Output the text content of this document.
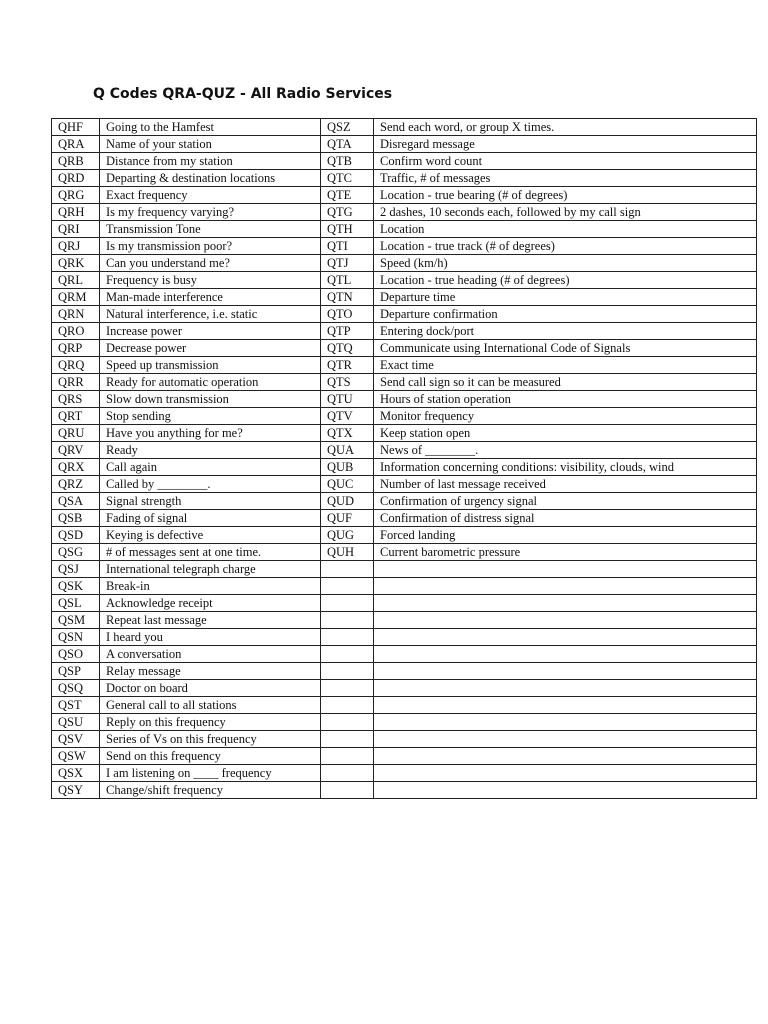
Q Codes QRA-QUZ - All Radio Services
QHF	Going to the Hamfest	QSZ	Send each word, or group X times.
QRA	Name of your station	QTA	Disregard message
QRB	Distance from my station	QTB	Confirm word count
QRD	Departing & destination locations	QTC	Traffic, # of messages
QRG	Exact frequency	QTE	Location - true bearing (# of degrees)
QRH	Is my frequency varying?	QTG	2 dashes, 10 seconds each, followed by my call sign
QRI	Transmission Tone	QTH	Location
QRJ	Is my transmission poor?	QTI	Location - true track (# of degrees)
QRK	Can you understand me?	QTJ	Speed (km/h)
QRL	Frequency is busy	QTL	Location - true heading (# of degrees)
QRM	Man-made interference	QTN	Departure time
QRN	Natural interference, i.e. static	QTO	Departure confirmation
QRO	Increase power	QTP	Entering dock/port
QRP	Decrease power	QTQ	Communicate using International Code of Signals
QRQ	Speed up transmission	QTR	Exact time
QRR	Ready for automatic operation	QTS	Send call sign so it can be measured
QRS	Slow down transmission	QTU	Hours of station operation
QRT	Stop sending	QTV	Monitor frequency
QRU	Have you anything for me?	QTX	Keep station open
QRV	Ready	QUA	News of ________.
QRX	Call again	QUB	Information concerning conditions: visibility, clouds, wind
QRZ	Called by ________.	QUC	Number of last message received
QSA	Signal strength	QUD	Confirmation of urgency signal
QSB	Fading of signal	QUF	Confirmation of distress signal
QSD	Keying is defective	QUG	Forced landing
QSG	# of messages sent at one time.	QUH	Current barometric pressure
QSJ	International telegraph charge		
QSK	Break-in		
QSL	Acknowledge receipt		
QSM	Repeat last message		
QSN	I heard you		
QSO	A conversation		
QSP	Relay message		
QSQ	Doctor on board		
QST	General call to all stations		
QSU	Reply on this frequency		
QSV	Series of Vs on this frequency		
QSW	Send on this frequency		
QSX	I am listening on ____ frequency		
QSY	Change/shift frequency		
